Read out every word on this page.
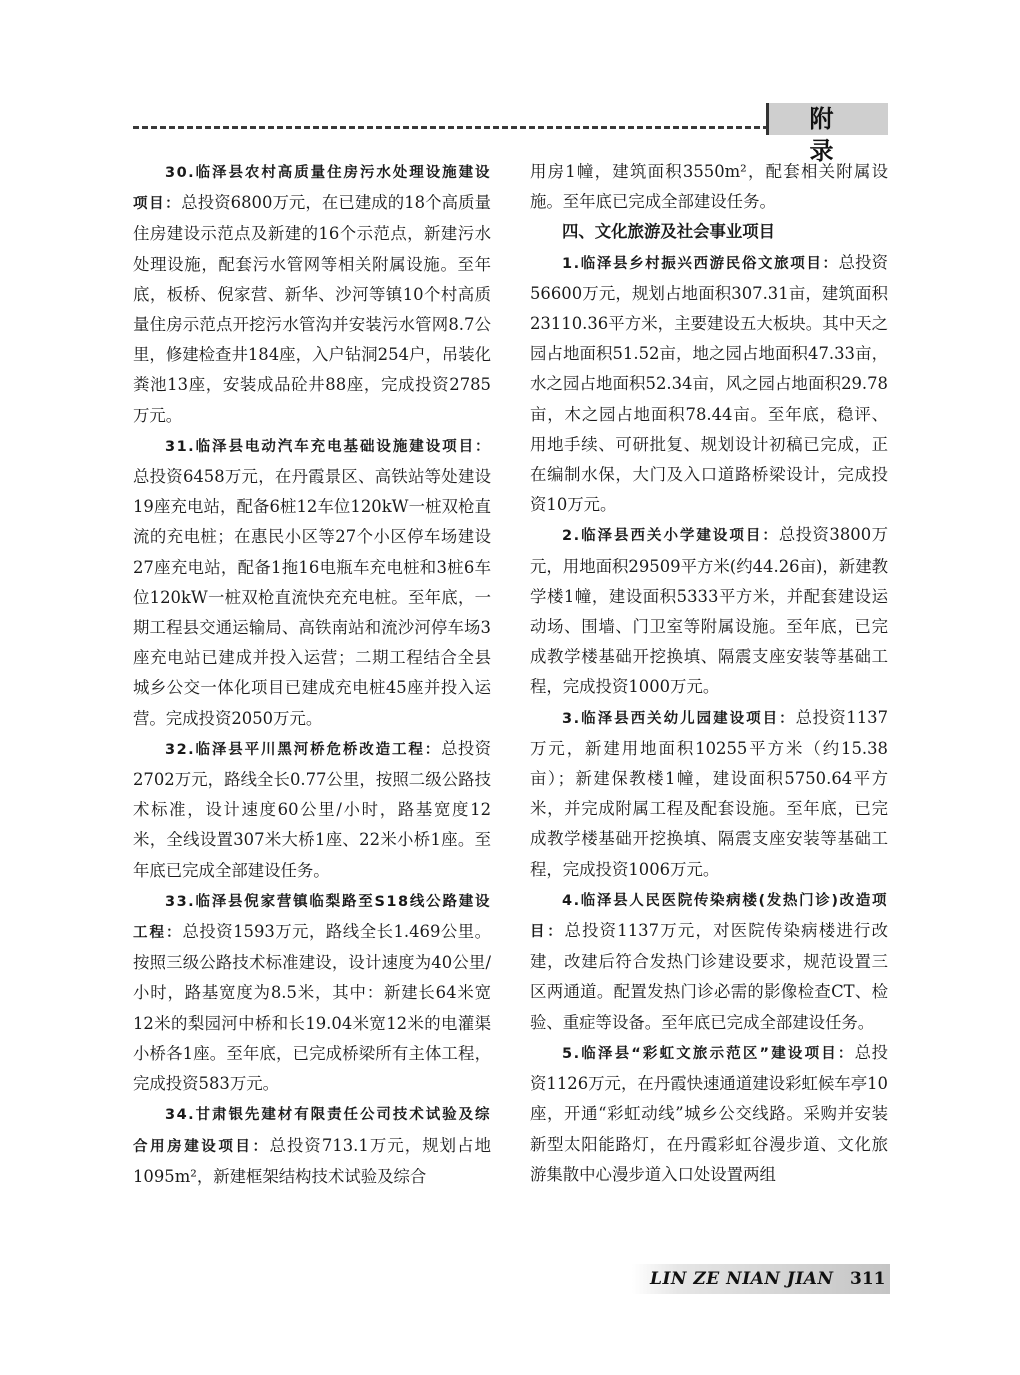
附 录

30.临泽县农村高质量住房污水处理设施建设项目：总投资6800万元，在已建成的18个高质量住房建设示范点及新建的16个示范点，新建污水处理设施，配套污水管网等相关附属设施。至年底，板桥、倪家营、新华、沙河等镇10个村高质量住房示范点开挖污水管沟并安装污水管网8.7公里，修建检查井184座，入户钻洞254户，吊装化粪池13座，安装成品砼井88座，完成投资2785万元。

31.临泽县电动汽车充电基础设施建设项目：总投资6458万元，在丹霞景区、高铁站等处建设19座充电站，配备6桩12车位120kW一桩双枪直流的充电桩；在惠民小区等27个小区停车场建设27座充电站，配备1拖16电瓶车充电桩和3桩6车位120kW一桩双枪直流快充充电桩。至年底，一期工程县交通运输局、高铁南站和流沙河停车场3座充电站已建成并投入运营；二期工程结合全县城乡公交一体化项目已建成充电桩45座并投入运营。完成投资2050万元。

32.临泽县平川黑河桥危桥改造工程：总投资2702万元，路线全长0.77公里，按照二级公路技术标准，设计速度60公里/小时，路基宽度12米，全线设置307米大桥1座、22米小桥1座。至年底已完成全部建设任务。

33.临泽县倪家营镇临梨路至S18线公路建设工程：总投资1593万元，路线全长1.469公里。按照三级公路技术标准建设，设计速度为40公里/小时，路基宽度为8.5米，其中：新建长64米宽12米的梨园河中桥和长19.04米宽12米的电灌渠小桥各1座。至年底，已完成桥梁所有主体工程，完成投资583万元。

34.甘肃银先建材有限责任公司技术试验及综合用房建设项目：总投资713.1万元，规划占地1095m²，新建框架结构技术试验及综合

用房1幢，建筑面积3550m²，配套相关附属设施。至年底已完成全部建设任务。

四、文化旅游及社会事业项目

1.临泽县乡村振兴西游民俗文旅项目：总投资56600万元，规划占地面积307.31亩，建筑面积23110.36平方米，主要建设五大板块。其中天之园占地面积51.52亩，地之园占地面积47.33亩，水之园占地面积52.34亩，风之园占地面积29.78亩，木之园占地面积78.44亩。至年底，稳评、用地手续、可研批复、规划设计初稿已完成，正在编制水保，大门及入口道路桥梁设计，完成投资10万元。

2.临泽县西关小学建设项目：总投资3800万元，用地面积29509平方米(约44.26亩)，新建教学楼1幢，建设面积5333平方米，并配套建设运动场、围墙、门卫室等附属设施。至年底，已完成教学楼基础开挖换填、隔震支座安装等基础工程，完成投资1000万元。

3.临泽县西关幼儿园建设项目：总投资1137万元，新建用地面积10255平方米（约15.38亩）；新建保教楼1幢，建设面积5750.64平方米，并完成附属工程及配套设施。至年底，已完成教学楼基础开挖换填、隔震支座安装等基础工程，完成投资1006万元。

4.临泽县人民医院传染病楼(发热门诊)改造项目：总投资1137万元，对医院传染病楼进行改建，改建后符合发热门诊建设要求，规范设置三区两通道。配置发热门诊必需的影像检查CT、检验、重症等设备。至年底已完成全部建设任务。

5.临泽县“彩虹文旅示范区”建设项目：总投资1126万元，在丹霞快速通道建设彩虹候车亭10座，开通“彩虹动线”城乡公交线路。采购并安装新型太阳能路灯，在丹霞彩虹谷漫步道、文化旅游集散中心漫步道入口处设置两组

LIN ZE NIAN JIAN 311
